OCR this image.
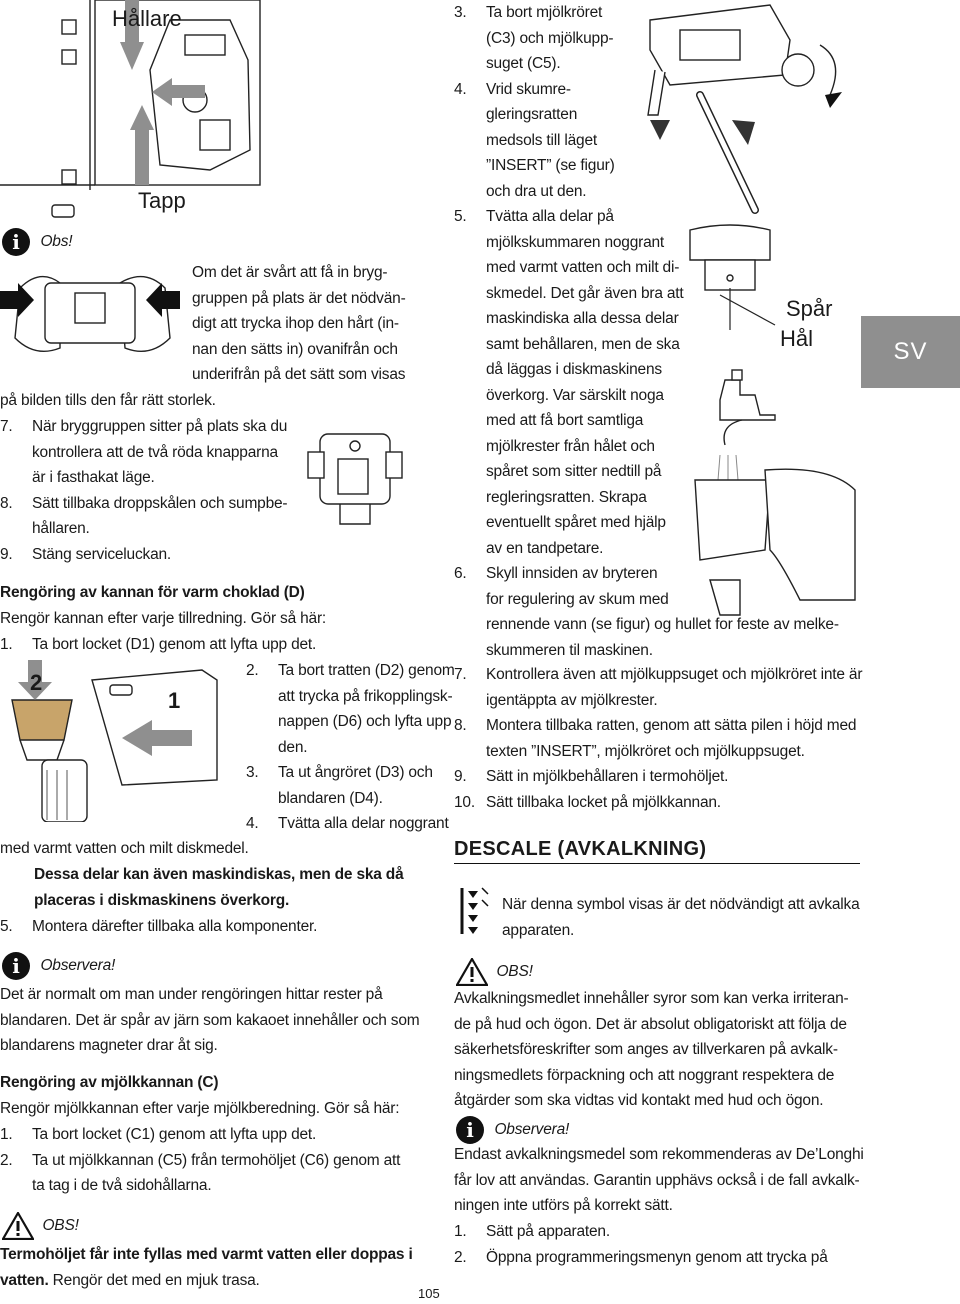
Hållare
Tapp
i Obs!
Om det är svårt att få in bryg-
gruppen på plats är det nödvän-
digt att trycka ihop den hårt (in-
nan den sätts in) ovanifrån och
underifrån på det sätt som visas
på bilden tills den får rätt storlek.
7. När bryggruppen sitter på plats ska du
kontrollera att de två röda knapparna
är i fasthakat läge.
8. Sätt tillbaka droppskålen och sumpbe-
hållaren.
9. Stäng serviceluckan.
Rengöring av kannan för varm choklad (D)
Rengör kannan efter varje tillredning. Gör så här:
1. Ta bort locket (D1) genom att lyfta upp det.
2
1
2. Ta bort tratten (D2) genom
att trycka på frikopplingsk-
nappen (D6) och lyfta upp
den.
3. Ta ut ångröret (D3) och
blandaren (D4).
4. Tvätta alla delar noggrant
med varmt vatten och milt diskmedel.
Dessa delar kan även maskindiskas, men de ska då
placeras i diskmaskinens överkorg.
5. Montera därefter tillbaka alla komponenter.
i Observera!
Det är normalt om man under rengöringen hittar rester på
blandaren. Det är spår av järn som kakaoet innehåller och som
blandarens magneter drar åt sig.
Rengöring av mjölkkannan (C)
Rengör mjölkkannan efter varje mjölkberedning. Gör så här:
1. Ta bort locket (C1) genom att lyfta upp det.
2. Ta ut mjölkkannan (C5) från termohöljet (C6) genom att
ta tag i de två sidohållarna.
OBS!
Termohöljet får inte fyllas med varmt vatten eller doppas i
vatten. Rengör det med en mjuk trasa.
105
3. Ta bort mjölkröret
(C3) och mjölkupp-
suget (C5).
4. Vrid skumre-
gleringsratten
medsols till läget
”INSERT” (se figur)
och dra ut den.
5. Tvätta alla delar på
mjölkskummaren noggrant
med varmt vatten och milt di-
skmedel. Det går även bra att
maskindiska alla dessa delar
samt behållaren, men de ska
då läggas i diskmaskinens
överkorg. Var särskilt noga
med att få bort samtliga
mjölkrester från hålet och
spåret som sitter nedtill på
regleringsratten. Skrapa
eventuellt spåret med hjälp
av en tandpetare.
6. Skyll innsiden av bryteren
for regulering av skum med
rennende vann (se figur) og hullet for feste av melke-
skummeren til maskinen.
Spår
Hål	SV
7. Kontrollera även att mjölkuppsuget och mjölkröret inte är
igentäppta av mjölkrester.
8. Montera tillbaka ratten, genom att sätta pilen i höjd med
texten ”INSERT”, mjölkröret och mjölkuppsuget.
9. Sätt in mjölkbehållaren i termohöljet.
10. Sätt tillbaka locket på mjölkkannan.
DESCALE (AVKALKNING)
När denna symbol visas är det nödvändigt att avkalka
apparaten.
OBS!
Avkalkningsmedlet innehåller syror som kan verka irriteran-
de på hud och ögon. Det är absolut obligatoriskt att följa de
säkerhetsföreskrifter som anges av tillverkaren på avkalk-
ningsmedlets förpackning och att noggrant respektera de
åtgärder som ska vidtas vid kontakt med hud och ögon.
i Observera!
Endast avkalkningsmedel som rekommenderas av De’Longhi
får lov att användas. Garantin upphävs också i de fall avkalk-
ningen inte utförs på korrekt sätt.
1. Sätt på apparaten.
2. Öppna programmeringsmenyn genom att trycka på
